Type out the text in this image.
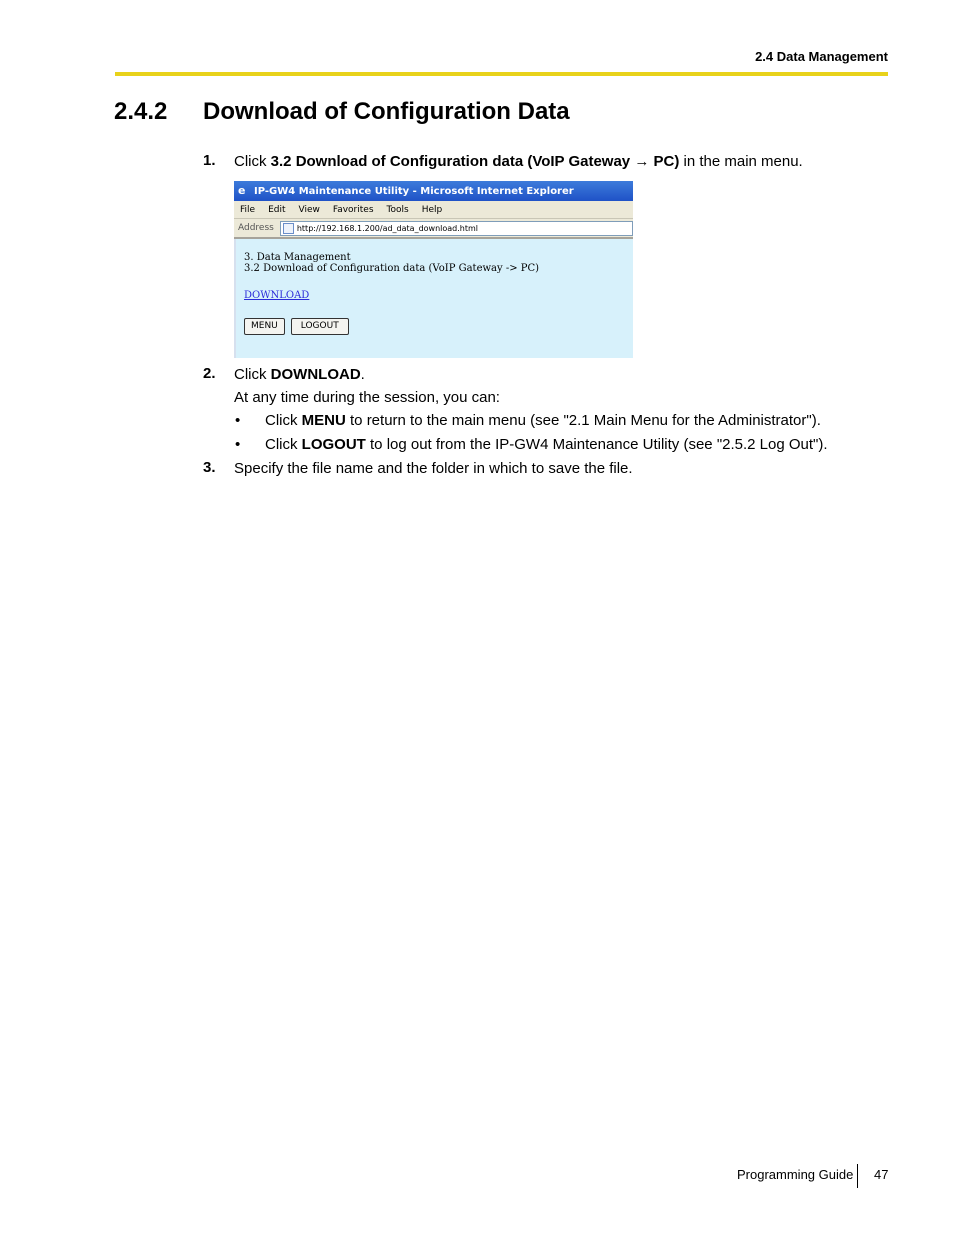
2.4 Data Management
2.4.2 Download of Configuration Data
1. Click 3.2 Download of Configuration data (VoIP Gateway → PC) in the main menu.
e IP-GW4 Maintenance Utility - Microsoft Internet Explorer
File Edit View Favorites Tools Help
Address	http://192.168.1.200/ad_data_download.html
3. Data Management
3.2 Download of Configuration data (VoIP Gateway -> PC)
DOWNLOAD
MENU	LOGOUT
2. Click DOWNLOAD.
At any time during the session, you can:
• Click MENU to return to the main menu (see "2.1 Main Menu for the Administrator").
• Click LOGOUT to log out from the IP-GW4 Maintenance Utility (see "2.5.2 Log Out").
3. Specify the file name and the folder in which to save the file.
Programming Guide 47
